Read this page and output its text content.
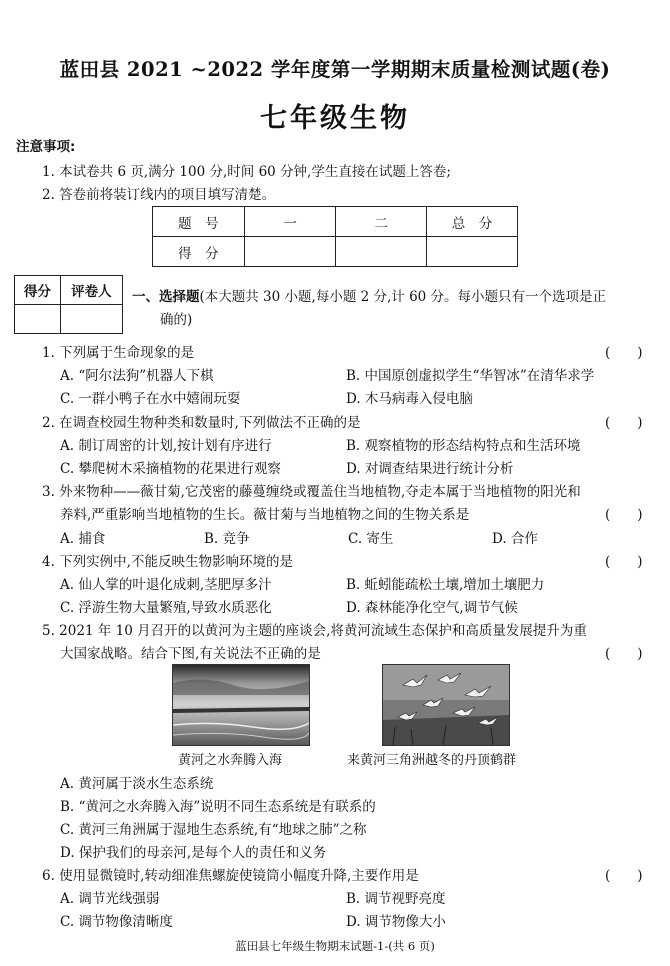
蓝田县 2021 ~2022 学年度第一学期期末质量检测试题(卷)
七年级生物
注意事项:
1. 本试卷共 6 页,满分 100 分,时间 60 分钟,学生直接在试题上答卷;
2. 答卷前将装订线内的项目填写清楚。
题　号	一	二	总　分
得　分			
得分	评卷人
	一、选择题(本大题共 30 小题,每小题 2 分,计 60 分。每小题只有一个选项是正
确的)
1. 下列属于生命现象的是	(　　)
A. “阿尔法狗”机器人下棋	B. 中国原创虚拟学生“华智冰”在清华求学
C. 一群小鸭子在水中嬉闹玩耍	D. 木马病毒入侵电脑
2. 在调查校园生物种类和数量时,下列做法不正确的是	(　　)
A. 制订周密的计划,按计划有序进行	B. 观察植物的形态结构特点和生活环境
C. 攀爬树木采摘植物的花果进行观察	D. 对调查结果进行统计分析
3. 外来物种——薇甘菊,它茂密的藤蔓缠绕或覆盖住当地植物,夺走本属于当地植物的阳光和
养料,严重影响当地植物的生长。薇甘菊与当地植物之间的生物关系是	(　　)
A. 捕食	B. 竞争	C. 寄生	D. 合作
4. 下列实例中,不能反映生物影响环境的是	(　　)
A. 仙人掌的叶退化成刺,茎肥厚多汁	B. 蚯蚓能疏松土壤,增加土壤肥力
C. 浮游生物大量繁殖,导致水质恶化	D. 森林能净化空气,调节气候
5. 2021 年 10 月召开的以黄河为主题的座谈会,将黄河流域生态保护和高质量发展提升为重
大国家战略。结合下图,有关说法不正确的是	(　　)
黄河之水奔腾入海	来黄河三角洲越冬的丹顶鹤群
A. 黄河属于淡水生态系统
B. “黄河之水奔腾入海”说明不同生态系统是有联系的
C. 黄河三角洲属于湿地生态系统,有“地球之肺”之称
D. 保护我们的母亲河,是每个人的责任和义务
6. 使用显微镜时,转动细准焦螺旋使镜筒小幅度升降,主要作用是	(　　)
A. 调节光线强弱	B. 调节视野亮度
C. 调节物像清晰度	D. 调节物像大小
蓝田县七年级生物期末试题-1-(共 6 页)
